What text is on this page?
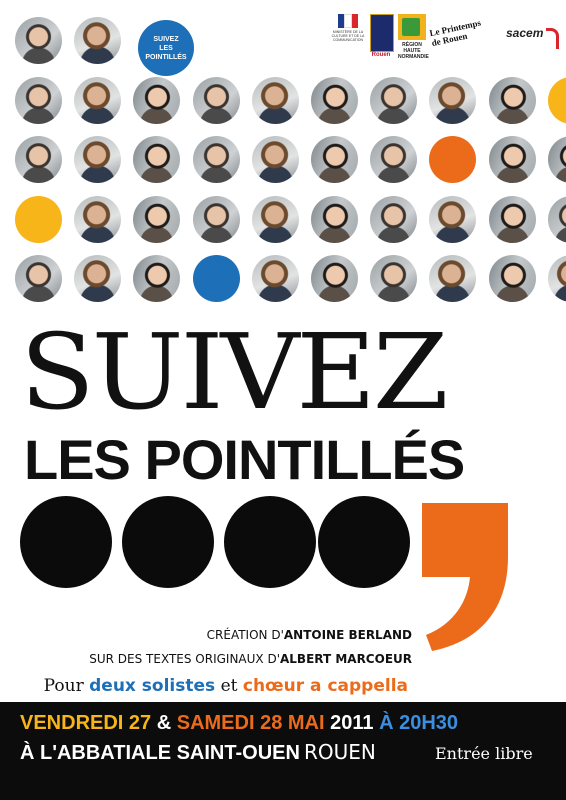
SUIVEZ
LES POINTILLÉS
MINISTÈRE DE LA CULTURE ET DE LA COMMUNICATION
Rouen
RÉGION HAUTE NORMANDIE
Le Printemps de Rouen	sacem
SUIVEZ
LES POINTILLÉS
CRÉATION D'ANTOINE BERLAND
SUR DES TEXTES ORIGINAUX D'ALBERT MARCOEUR
Pour deux solistes et chœur a cappella
VENDREDI 27 & SAMEDI 28 MAI 2011 À 20H30
À L'ABBATIALE SAINT-OUEN ROUEN	Entrée libre
